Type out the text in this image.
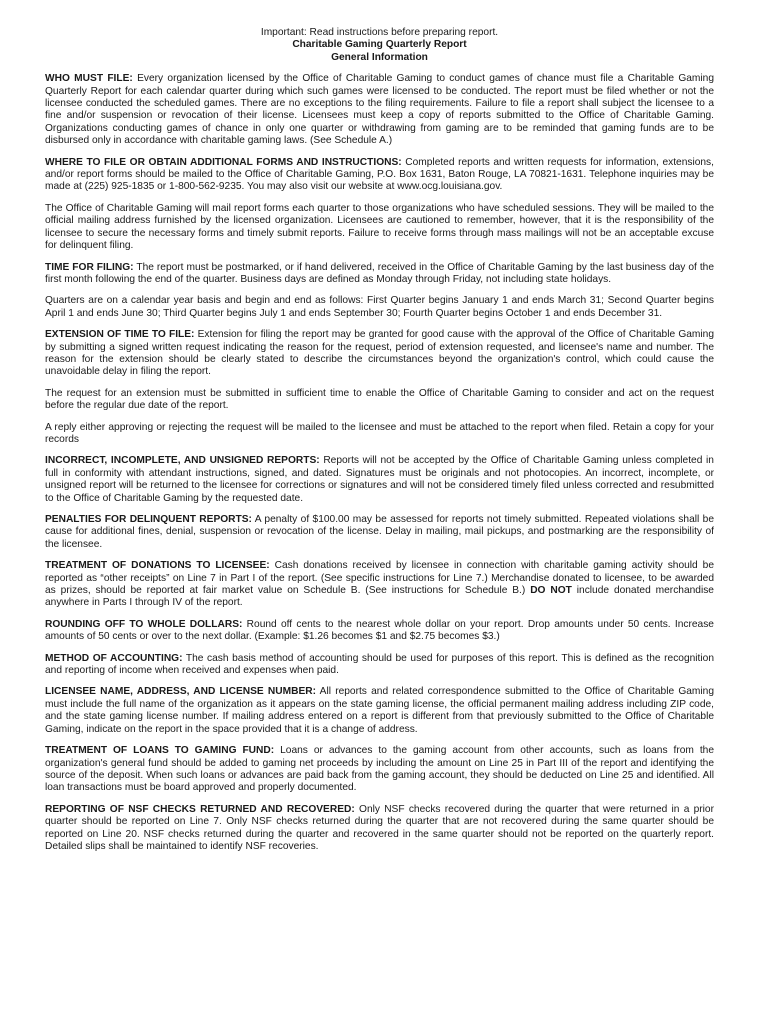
Important: Read instructions before preparing report.
Charitable Gaming Quarterly Report
General Information

WHO MUST FILE: Every organization licensed by the Office of Charitable Gaming to conduct games of chance must file a Charitable Gaming Quarterly Report for each calendar quarter during which such games were licensed to be conducted. The report must be filed whether or not the licensee conducted the scheduled games. There are no exceptions to the filing requirements. Failure to file a report shall subject the licensee to a fine and/or suspension or revocation of their license. Licensees must keep a copy of reports submitted to the Office of Charitable Gaming. Organizations conducting games of chance in only one quarter or withdrawing from gaming are to be reminded that gaming funds are to be disbursed only in accordance with charitable gaming laws. (See Schedule A.)

WHERE TO FILE OR OBTAIN ADDITIONAL FORMS AND INSTRUCTIONS: Completed reports and written requests for information, extensions, and/or report forms should be mailed to the Office of Charitable Gaming, P.O. Box 1631, Baton Rouge, LA 70821-1631. Telephone inquiries may be made at (225) 925-1835 or 1-800-562-9235. You may also visit our website at www.ocg.louisiana.gov.

The Office of Charitable Gaming will mail report forms each quarter to those organizations who have scheduled sessions. They will be mailed to the official mailing address furnished by the licensed organization. Licensees are cautioned to remember, however, that it is the responsibility of the licensee to secure the necessary forms and timely submit reports. Failure to receive forms through mass mailings will not be an acceptable excuse for delinquent filing.

TIME FOR FILING: The report must be postmarked, or if hand delivered, received in the Office of Charitable Gaming by the last business day of the first month following the end of the quarter. Business days are defined as Monday through Friday, not including state holidays.

Quarters are on a calendar year basis and begin and end as follows: First Quarter begins January 1 and ends March 31; Second Quarter begins April 1 and ends June 30; Third Quarter begins July 1 and ends September 30; Fourth Quarter begins October 1 and ends December 31.

EXTENSION OF TIME TO FILE: Extension for filing the report may be granted for good cause with the approval of the Office of Charitable Gaming by submitting a signed written request indicating the reason for the request, period of extension requested, and licensee's name and number. The reason for the extension should be clearly stated to describe the circumstances beyond the organization's control, which could cause the unavoidable delay in filing the report.

The request for an extension must be submitted in sufficient time to enable the Office of Charitable Gaming to consider and act on the request before the regular due date of the report.

A reply either approving or rejecting the request will be mailed to the licensee and must be attached to the report when filed. Retain a copy for your records

INCORRECT, INCOMPLETE, AND UNSIGNED REPORTS: Reports will not be accepted by the Office of Charitable Gaming unless completed in full in conformity with attendant instructions, signed, and dated. Signatures must be originals and not photocopies. An incorrect, incomplete, or unsigned report will be returned to the licensee for corrections or signatures and will not be considered timely filed unless corrected and resubmitted to the Office of Charitable Gaming by the requested date.

PENALTIES FOR DELINQUENT REPORTS: A penalty of $100.00 may be assessed for reports not timely submitted. Repeated violations shall be cause for additional fines, denial, suspension or revocation of the license. Delay in mailing, mail pickups, and postmarking are the responsibility of the licensee.

TREATMENT OF DONATIONS TO LICENSEE: Cash donations received by licensee in connection with charitable gaming activity should be reported as “other receipts” on Line 7 in Part I of the report. (See specific instructions for Line 7.) Merchandise donated to licensee, to be awarded as prizes, should be reported at fair market value on Schedule B. (See instructions for Schedule B.) DO NOT include donated merchandise anywhere in Parts I through IV of the report.

ROUNDING OFF TO WHOLE DOLLARS: Round off cents to the nearest whole dollar on your report. Drop amounts under 50 cents. Increase amounts of 50 cents or over to the next dollar. (Example: $1.26 becomes $1 and $2.75 becomes $3.)

METHOD OF ACCOUNTING: The cash basis method of accounting should be used for purposes of this report. This is defined as the recognition and reporting of income when received and expenses when paid.

LICENSEE NAME, ADDRESS, AND LICENSE NUMBER: All reports and related correspondence submitted to the Office of Charitable Gaming must include the full name of the organization as it appears on the state gaming license, the official permanent mailing address including ZIP code, and the state gaming license number. If mailing address entered on a report is different from that previously submitted to the Office of Charitable Gaming, indicate on the report in the space provided that it is a change of address.

TREATMENT OF LOANS TO GAMING FUND: Loans or advances to the gaming account from other accounts, such as loans from the organization's general fund should be added to gaming net proceeds by including the amount on Line 25 in Part III of the report and identifying the source of the deposit. When such loans or advances are paid back from the gaming account, they should be deducted on Line 25 and identified. All loan transactions must be board approved and properly documented.

REPORTING OF NSF CHECKS RETURNED AND RECOVERED: Only NSF checks recovered during the quarter that were returned in a prior quarter should be reported on Line 7. Only NSF checks returned during the quarter that are not recovered during the same quarter should be reported on Line 20. NSF checks returned during the quarter and recovered in the same quarter should not be reported on the quarterly report. Detailed slips shall be maintained to identify NSF recoveries.
